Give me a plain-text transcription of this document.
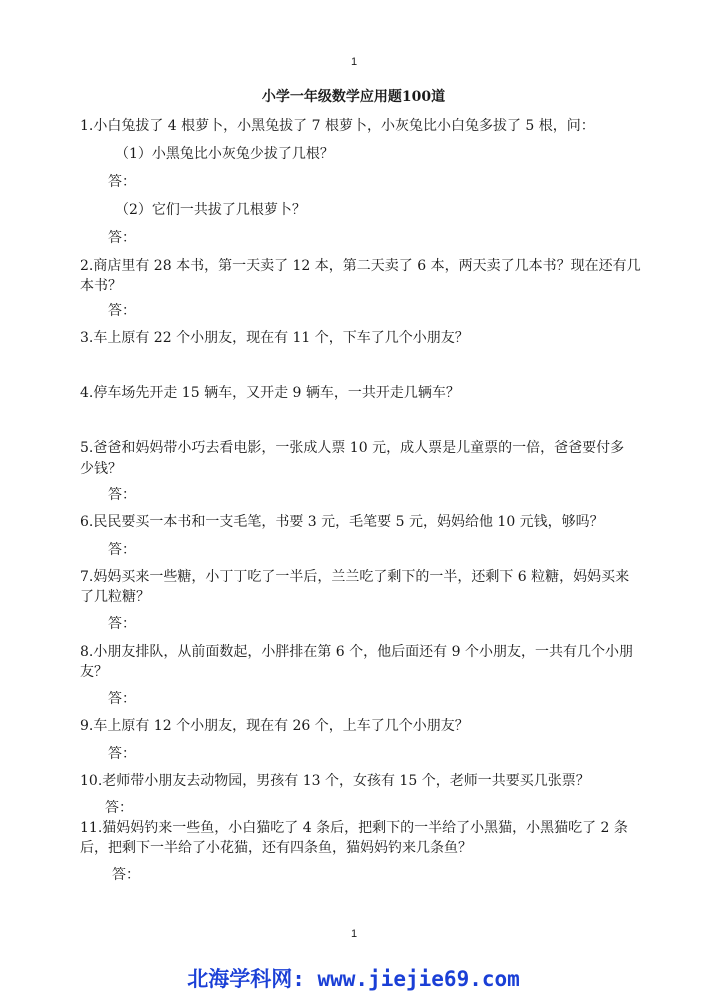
1
小学一年级数学应用题100道
1.小白兔拔了 4 根萝卜，小黑兔拔了 7 根萝卜，小灰兔比小白兔多拔了 5 根，问：
（1）小黑兔比小灰兔少拔了几根？
答：
（2）它们一共拔了几根萝卜？
答：
2.商店里有 28 本书，第一天卖了 12 本，第二天卖了 6 本，两天卖了几本书？现在还有几
本书？
答：
3.车上原有 22 个小朋友，现在有 11 个，下车了几个小朋友？
4.停车场先开走 15 辆车，又开走 9 辆车，一共开走几辆车？
5.爸爸和妈妈带小巧去看电影，一张成人票 10 元，成人票是儿童票的一倍，爸爸要付多
少钱？
答：
6.民民要买一本书和一支毛笔，书要 3 元，毛笔要 5 元，妈妈给他 10 元钱，够吗？
答：
7.妈妈买来一些糖，小丁丁吃了一半后，兰兰吃了剩下的一半，还剩下 6 粒糖，妈妈买来
了几粒糖？
答：
8.小朋友排队，从前面数起，小胖排在第 6 个，他后面还有 9 个小朋友，一共有几个小朋
友？
答：
9.车上原有 12 个小朋友，现在有 26 个，上车了几个小朋友？
答：
10.老师带小朋友去动物园，男孩有 13 个，女孩有 15 个，老师一共要买几张票？
答：
11.猫妈妈钓来一些鱼，小白猫吃了 4 条后，把剩下的一半给了小黑猫，小黑猫吃了 2 条
后，把剩下一半给了小花猫，还有四条鱼，猫妈妈钓来几条鱼？
答：
1
北海学科网: www.jiejie69.com
